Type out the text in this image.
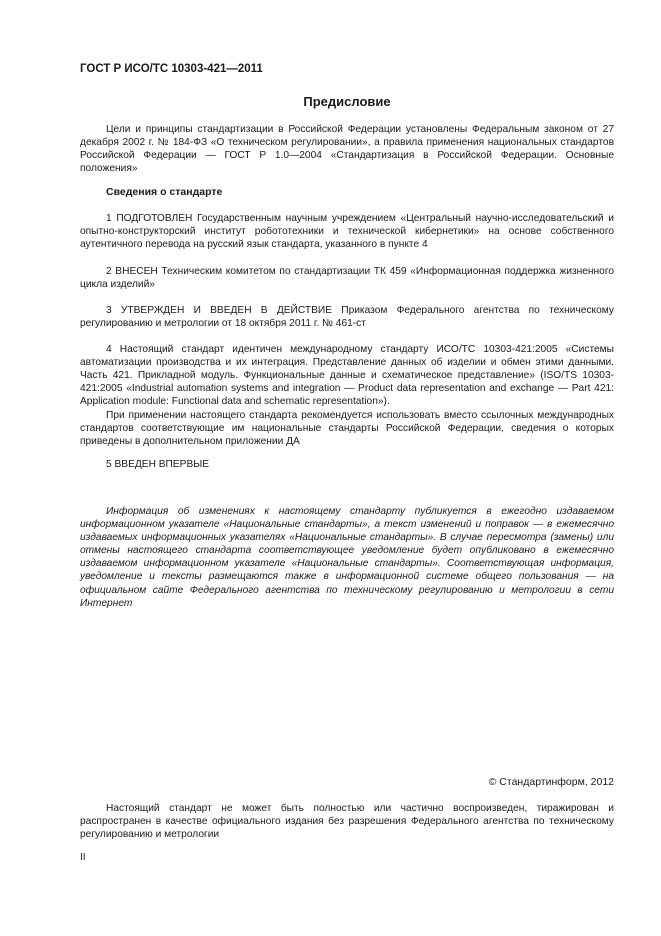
ГОСТ Р ИСО/ТС 10303-421—2011
Предисловие

Цели и принципы стандартизации в Российской Федерации установлены Федеральным законом от 27 декабря 2002 г. № 184-ФЗ «О техническом регулировании», а правила применения национальных стандартов Российской Федерации — ГОСТ Р 1.0—2004 «Стандартизация в Российской Федерации. Основные положения»

Сведения о стандарте

1 ПОДГОТОВЛЕН Государственным научным учреждением «Центральный научно-исследовательский и опытно-конструкторский институт робототехники и технической кибернетики» на основе собственного аутентичного перевода на русский язык стандарта, указанного в пункте 4

2 ВНЕСЕН Техническим комитетом по стандартизации ТК 459 «Информационная поддержка жизненного цикла изделий»

3 УТВЕРЖДЕН И ВВЕДЕН В ДЕЙСТВИЕ Приказом Федерального агентства по техническому регулированию и метрологии от 18 октября 2011 г. № 461-ст

4 Настоящий стандарт идентичен международному стандарту ИСО/ТС 10303-421:2005 «Системы автоматизации производства и их интеграция. Представление данных об изделии и обмен этими данными. Часть 421. Прикладной модуль. Функциональные данные и схематическое представление» (ISO/TS 10303-421:2005 «Industrial automation systems and integration — Product data representation and exchange — Part 421: Application module: Functional data and schematic representation»).

При применении настоящего стандарта рекомендуется использовать вместо ссылочных международных стандартов соответствующие им национальные стандарты Российской Федерации, сведения о которых приведены в дополнительном приложении ДА

5 ВВЕДЕН ВПЕРВЫЕ

Информация об изменениях к настоящему стандарту публикуется в ежегодно издаваемом информационном указателе «Национальные стандарты», а текст изменений и поправок — в ежемесячно издаваемых информационных указателях «Национальные стандарты». В случае пересмотра (замены) или отмены настоящего стандарта соответствующее уведомление будет опубликовано в ежемесячно издаваемом информационном указателе «Национальные стандарты». Соответствующая информация, уведомление и тексты размещаются также в информационной системе общего пользования — на официальном сайте Федерального агентства по техническому регулированию и метрологии в сети Интернет

© Стандартинформ, 2012

Настоящий стандарт не может быть полностью или частично воспроизведен, тиражирован и распространен в качестве официального издания без разрешения Федерального агентства по техническому регулированию и метрологии

II
